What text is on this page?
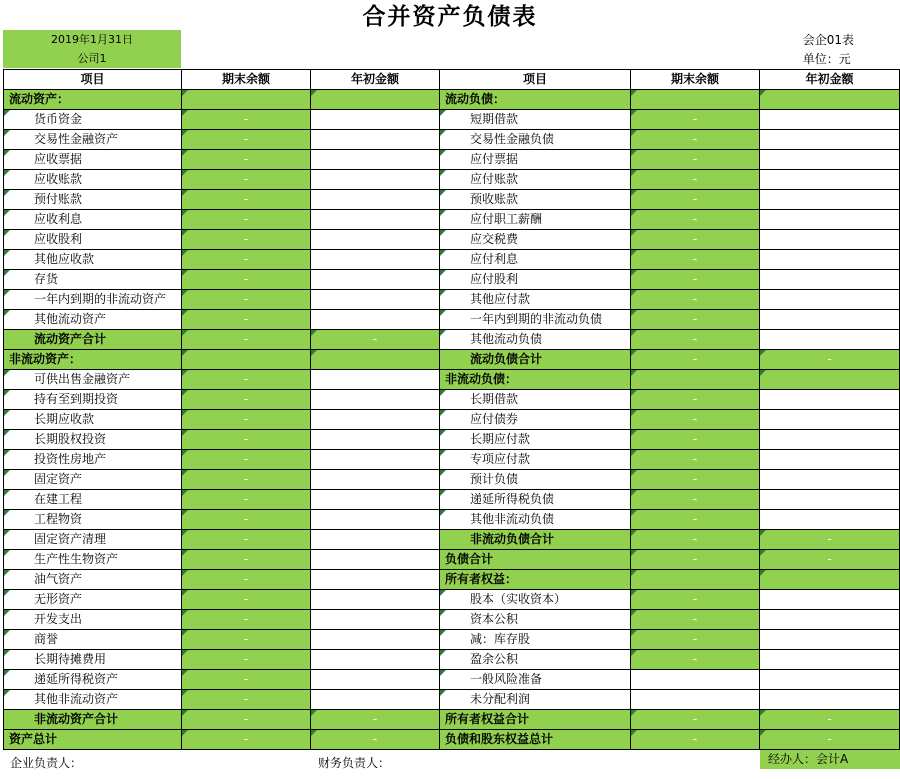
合并资产负债表
2019年1月31日
公司1
会企01表
单位：元
项目	期末余额	年初金额	项目	期末余额	年初金额
流动资产：			流动负债：		
货币资金	-		短期借款	-	
交易性金融资产	-		交易性金融负债	-	
应收票据	-		应付票据	-	
应收账款	-		应付账款	-	
预付账款	-		预收账款	-	
应收利息	-		应付职工薪酬	-	
应收股利	-		应交税费	-	
其他应收款	-		应付利息	-	
存货	-		应付股利	-	
一年内到期的非流动资产	-		其他应付款	-	
其他流动资产	-		一年内到期的非流动负债	-	
流动资产合计	-	-	其他流动负债	-	
非流动资产：			流动负债合计	-	-
可供出售金融资产	-		非流动负债：		
持有至到期投资	-		长期借款	-	
长期应收款	-		应付债券	-	
长期股权投资	-		长期应付款	-	
投资性房地产	-		专项应付款	-	
固定资产	-		预计负债	-	
在建工程	-		递延所得税负债	-	
工程物资	-		其他非流动负债	-	
固定资产清理	-		非流动负债合计	-	-
生产性生物资产	-		负债合计	-	-
油气资产	-		所有者权益：		
无形资产	-		股本（实收资本）	-	
开发支出	-		资本公积	-	
商誉	-		减：库存股	-	
长期待摊费用	-		盈余公积	-	
递延所得税资产	-		一般风险准备		
其他非流动资产	-		未分配利润		
非流动资产合计	-	-	所有者权益合计	-	-
资产总计	-	-	负债和股东权益总计	-	-
企业负责人：	财务负责人：	经办人：会计A
